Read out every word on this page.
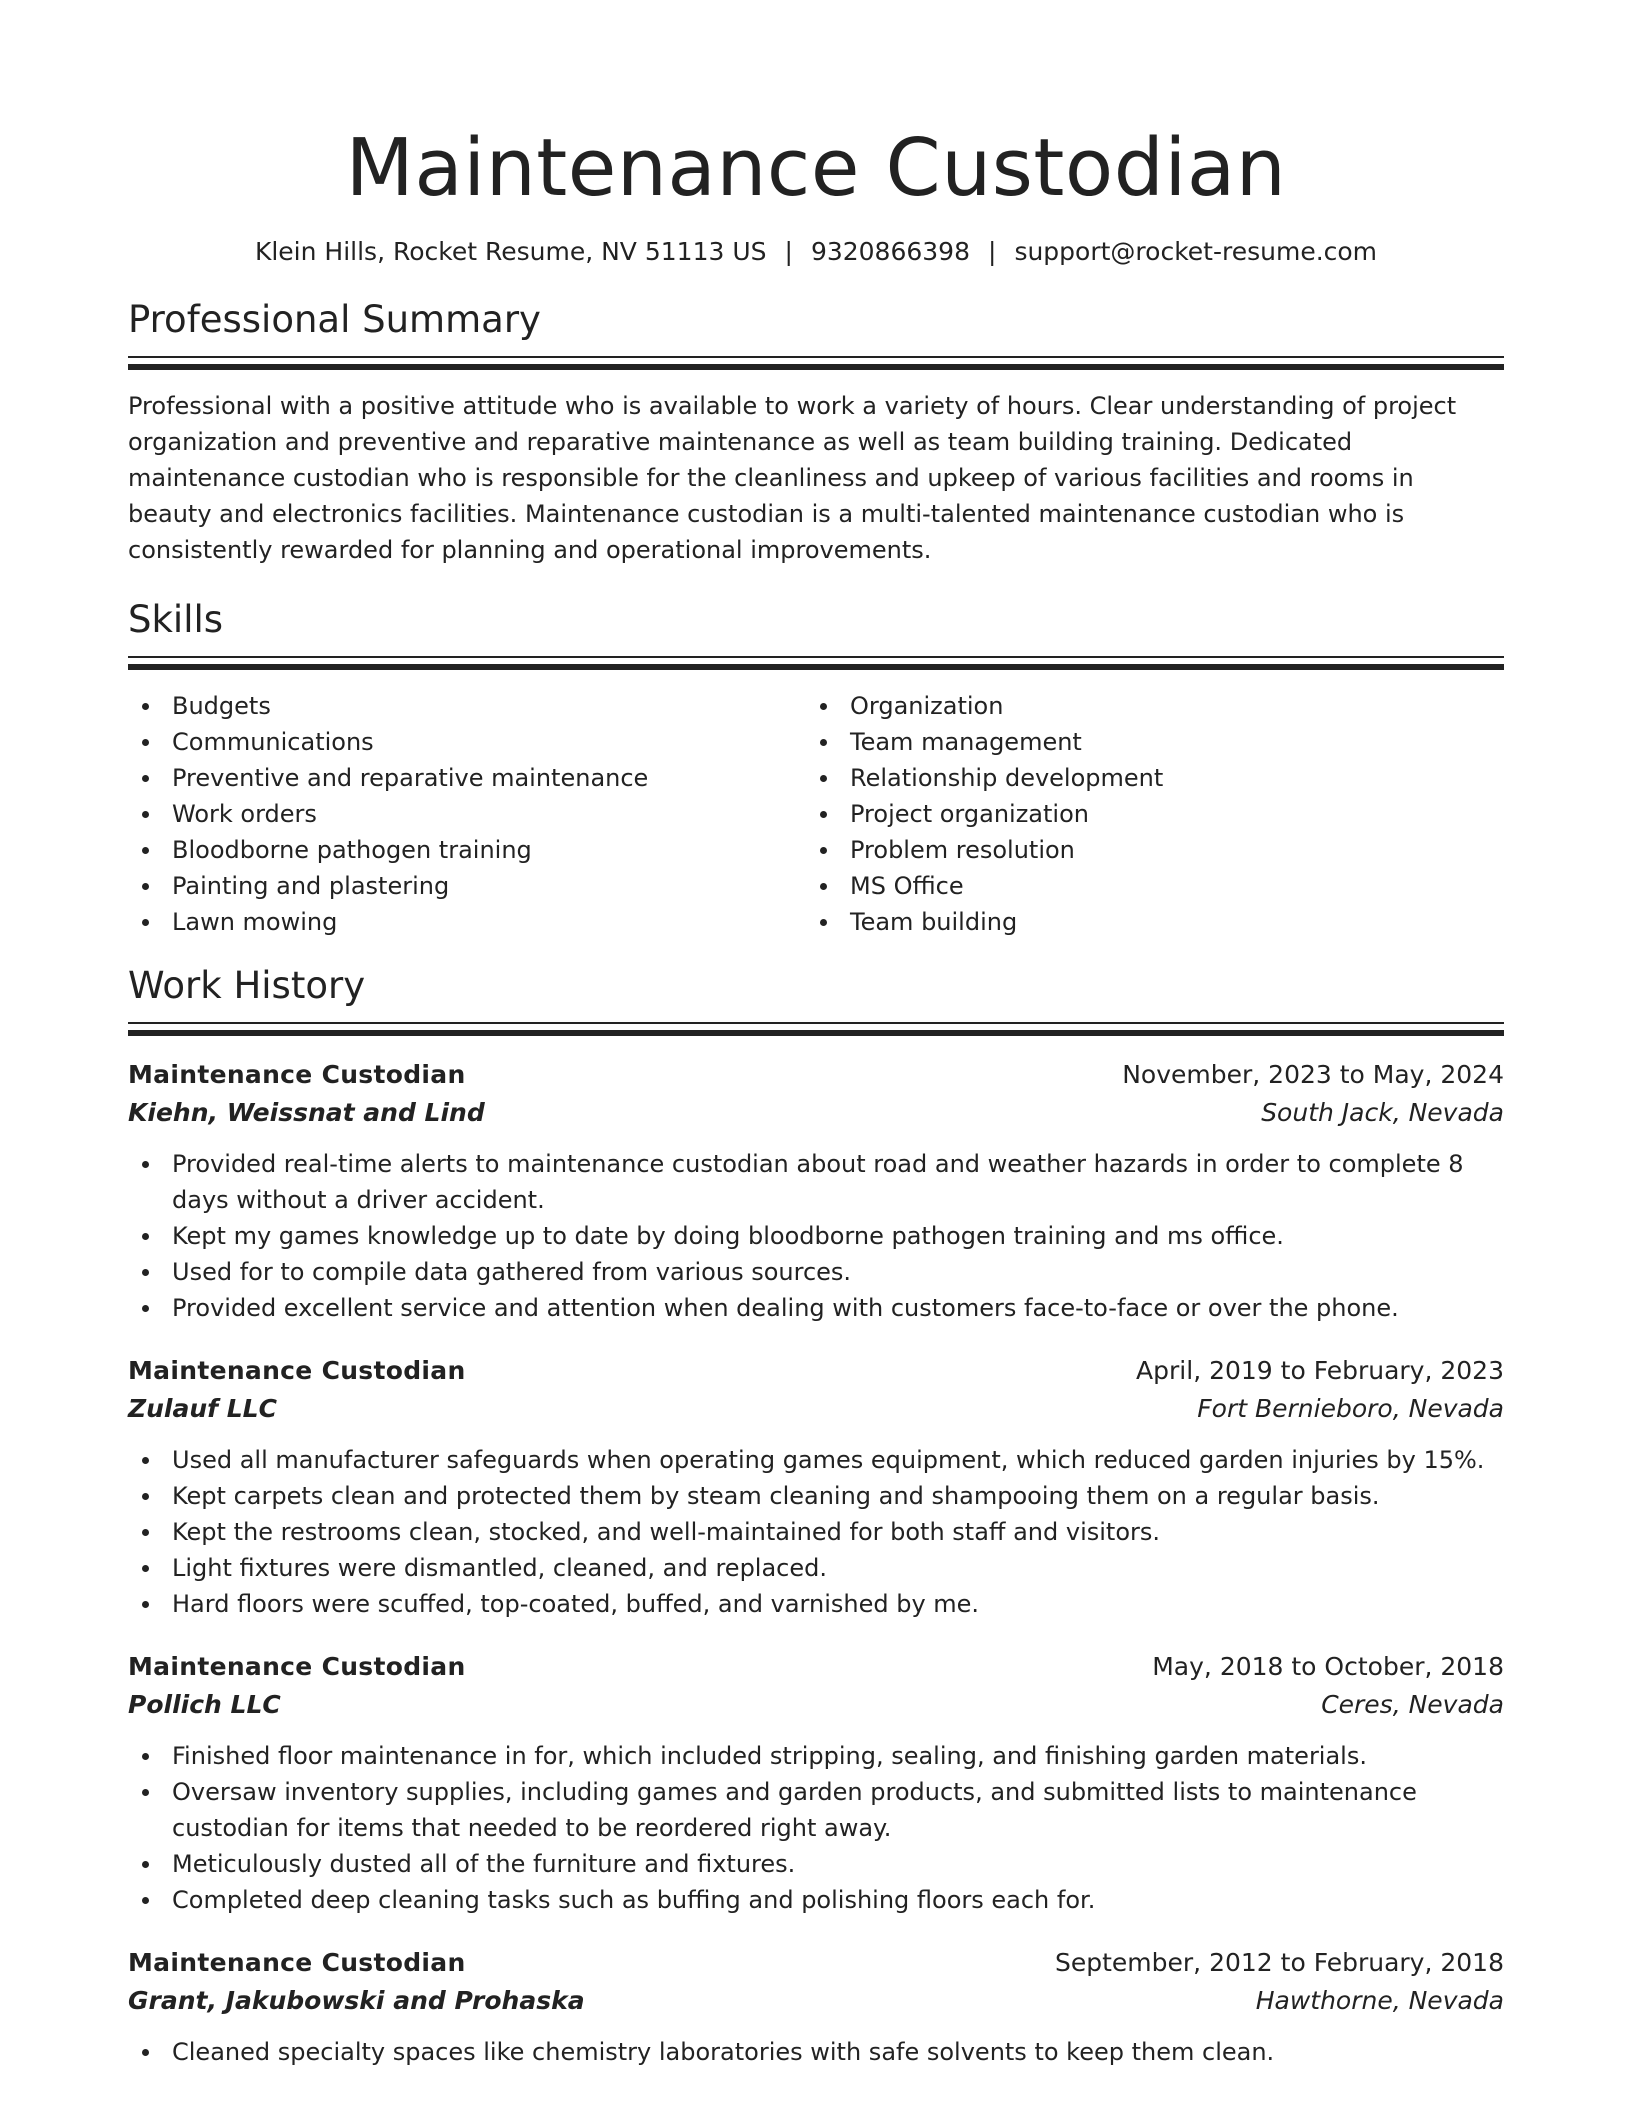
Maintenance Custodian
Klein Hills, Rocket Resume, NV 51113 US | 9320866398 | support@rocket-resume.com
Professional Summary

Professional with a positive attitude who is available to work a variety of hours. Clear understanding of project organization and preventive and reparative maintenance as well as team building training. Dedicated maintenance custodian who is responsible for the cleanliness and upkeep of various facilities and rooms in beauty and electronics facilities. Maintenance custodian is a multi-talented maintenance custodian who is consistently rewarded for planning and operational improvements.

Skills
Budgets
Communications
Preventive and reparative maintenance
Work orders
Bloodborne pathogen training
Painting and plastering
Lawn mowing
Organization
Team management
Relationship development
Project organization
Problem resolution
MS Office
Team building
Work History
Maintenance Custodian	November, 2023 to May, 2024
Kiehn, Weissnat and Lind	South Jack, Nevada
Provided real-time alerts to maintenance custodian about road and weather hazards in order to complete 8 days without a driver accident.
Kept my games knowledge up to date by doing bloodborne pathogen training and ms office.
Used for to compile data gathered from various sources.
Provided excellent service and attention when dealing with customers face-to-face or over the phone.
Maintenance Custodian	April, 2019 to February, 2023
Zulauf LLC	Fort Bernieboro, Nevada
Used all manufacturer safeguards when operating games equipment, which reduced garden injuries by 15%.
Kept carpets clean and protected them by steam cleaning and shampooing them on a regular basis.
Kept the restrooms clean, stocked, and well-maintained for both staff and visitors.
Light fixtures were dismantled, cleaned, and replaced.
Hard floors were scuffed, top-coated, buffed, and varnished by me.
Maintenance Custodian	May, 2018 to October, 2018
Pollich LLC	Ceres, Nevada
Finished floor maintenance in for, which included stripping, sealing, and finishing garden materials.
Oversaw inventory supplies, including games and garden products, and submitted lists to maintenance custodian for items that needed to be reordered right away.
Meticulously dusted all of the furniture and fixtures.
Completed deep cleaning tasks such as buffing and polishing floors each for.
Maintenance Custodian	September, 2012 to February, 2018
Grant, Jakubowski and Prohaska	Hawthorne, Nevada
Cleaned specialty spaces like chemistry laboratories with safe solvents to keep them clean.
